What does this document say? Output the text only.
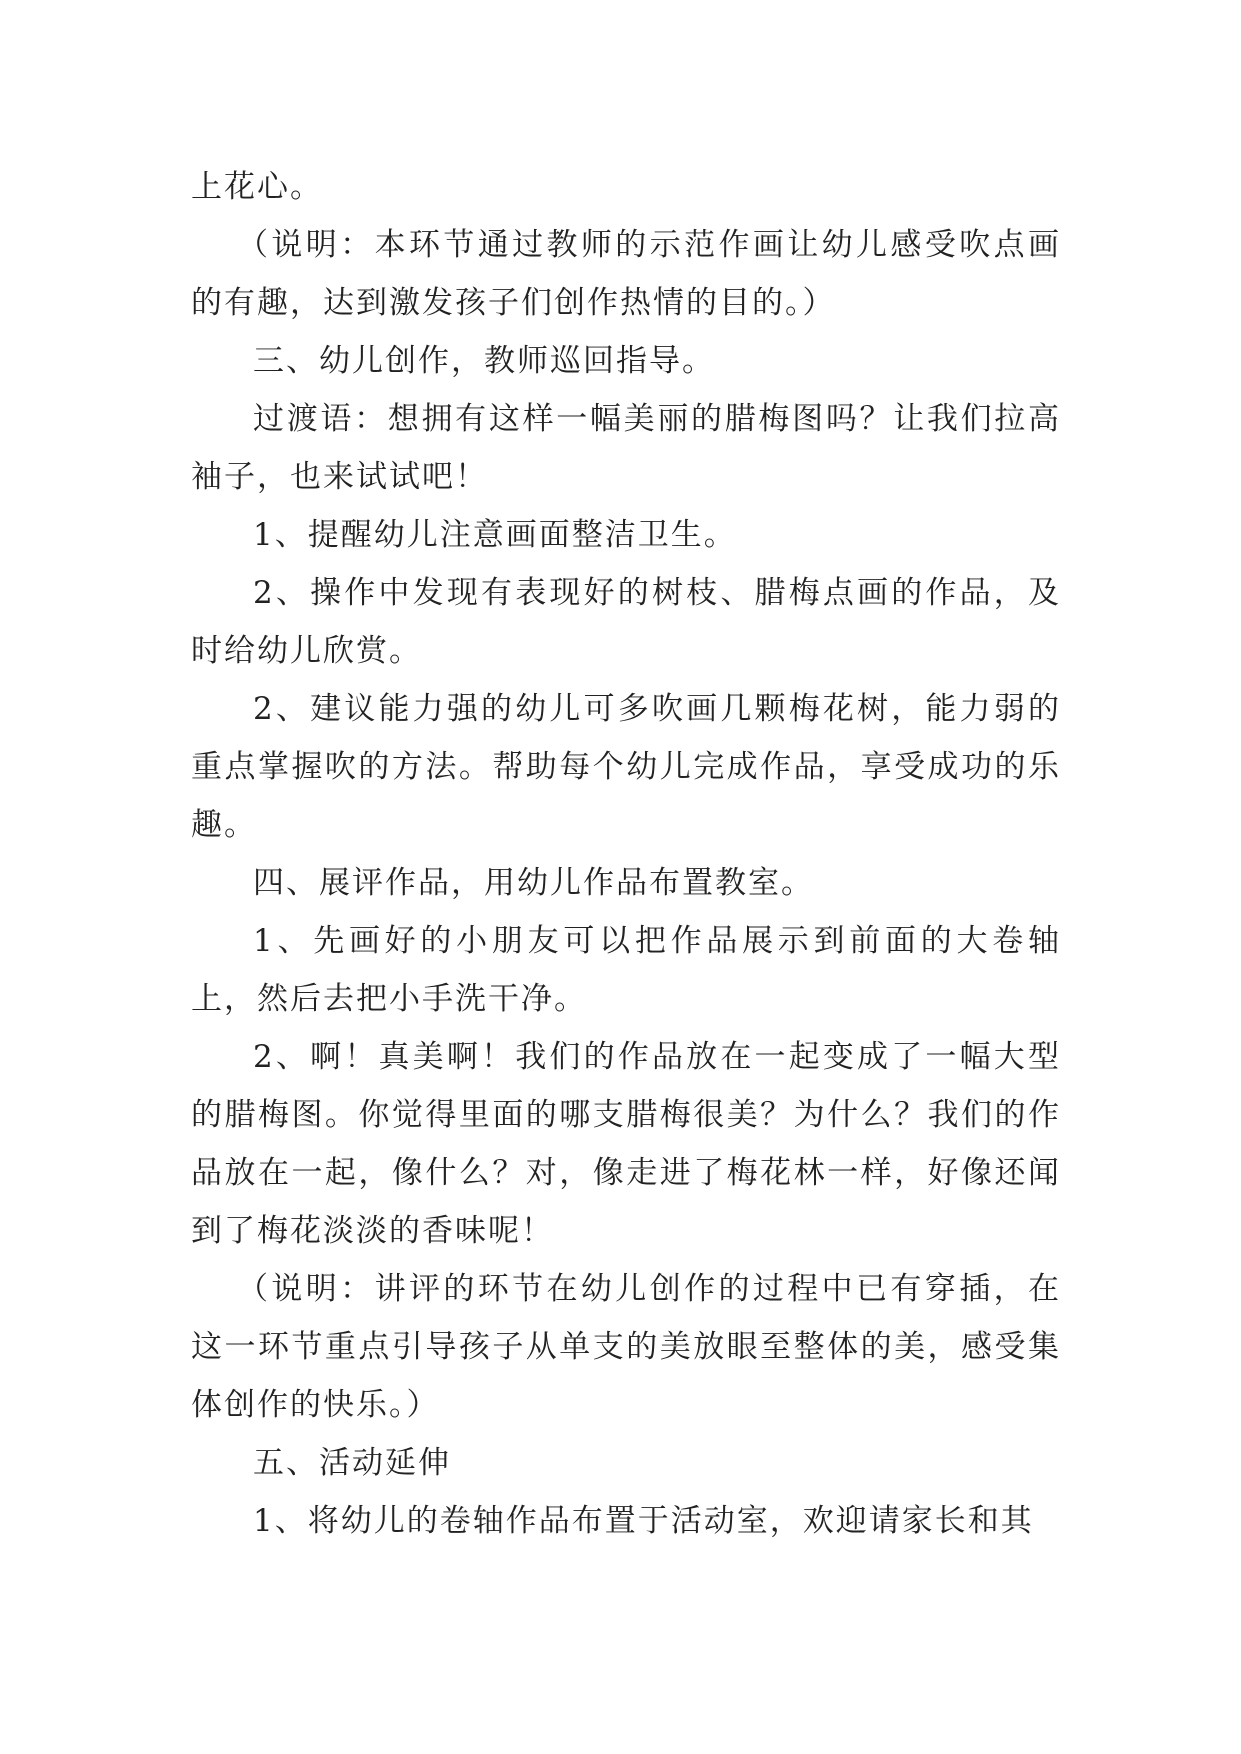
上花心。

（说明：本环节通过教师的示范作画让幼儿感受吹点画的有趣，达到激发孩子们创作热情的目的。）

三、幼儿创作，教师巡回指导。

过渡语：想拥有这样一幅美丽的腊梅图吗？让我们拉高袖子，也来试试吧！

1、提醒幼儿注意画面整洁卫生。

2、操作中发现有表现好的树枝、腊梅点画的作品，及时给幼儿欣赏。

2、建议能力强的幼儿可多吹画几颗梅花树，能力弱的重点掌握吹的方法。帮助每个幼儿完成作品，享受成功的乐趣。

四、展评作品，用幼儿作品布置教室。

1、先画好的小朋友可以把作品展示到前面的大卷轴上，然后去把小手洗干净。

2、啊！真美啊！我们的作品放在一起变成了一幅大型的腊梅图。你觉得里面的哪支腊梅很美？为什么？我们的作品放在一起，像什么？对，像走进了梅花林一样，好像还闻到了梅花淡淡的香味呢！

（说明：讲评的环节在幼儿创作的过程中已有穿插，在这一环节重点引导孩子从单支的美放眼至整体的美，感受集体创作的快乐。）

五、活动延伸

1、将幼儿的卷轴作品布置于活动室，欢迎请家长和其
